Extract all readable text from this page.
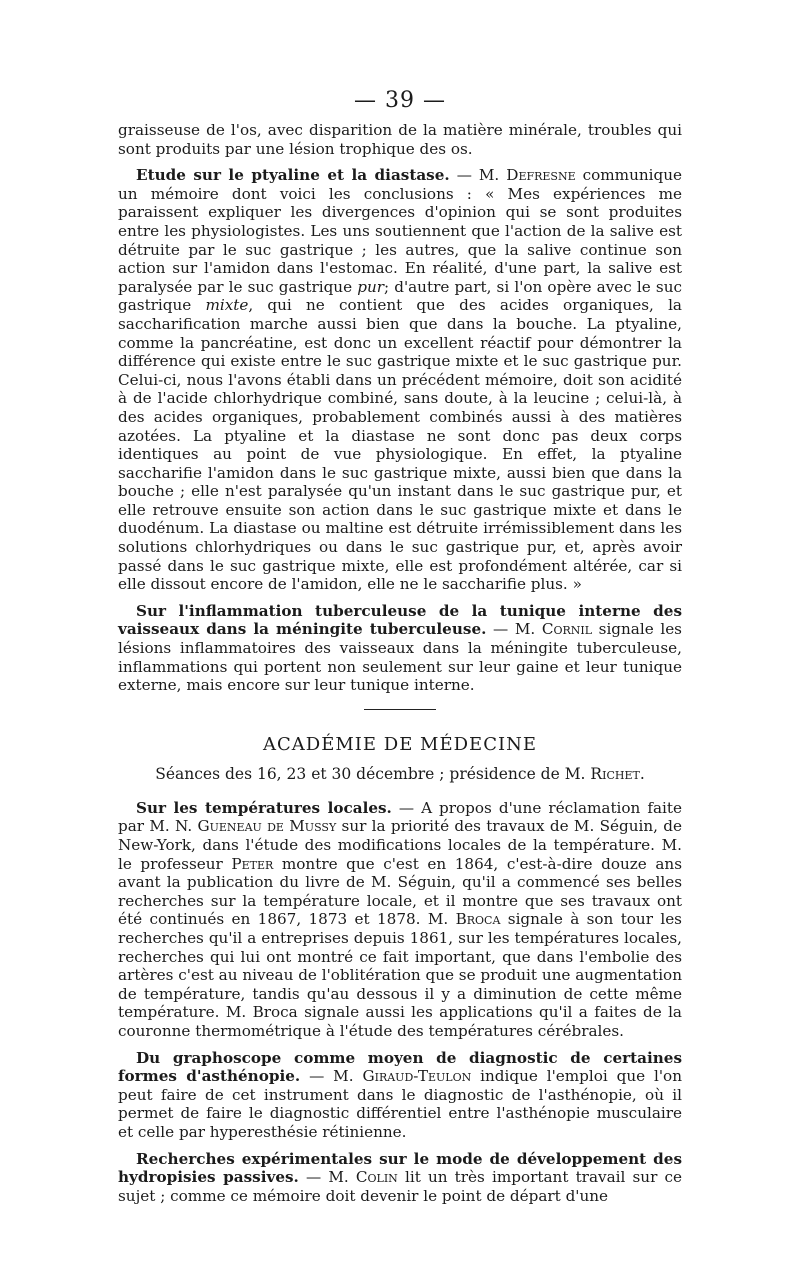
— 39 —

graisseuse de l'os, avec disparition de la matière minérale, troubles qui sont produits par une lésion trophique des os.

Etude sur le ptyaline et la diastase. — M. Defresne communique un mémoire dont voici les conclusions : « Mes expériences me paraissent expliquer les divergences d'opinion qui se sont produites entre les physiologistes. Les uns soutiennent que l'action de la salive est détruite par le suc gastrique ; les autres, que la salive continue son action sur l'amidon dans l'estomac. En réalité, d'une part, la salive est paralysée par le suc gastrique pur; d'autre part, si l'on opère avec le suc gastrique mixte, qui ne contient que des acides organiques, la saccharification marche aussi bien que dans la bouche. La ptyaline, comme la pancréatine, est donc un excellent réactif pour démontrer la différence qui existe entre le suc gastrique mixte et le suc gastrique pur. Celui-ci, nous l'avons établi dans un précédent mémoire, doit son acidité à de l'acide chlorhydrique combiné, sans doute, à la leucine ; celui-là, à des acides organiques, probablement combinés aussi à des matières azotées. La ptyaline et la diastase ne sont donc pas deux corps identiques au point de vue physiologique. En effet, la ptyaline saccharifie l'amidon dans le suc gastrique mixte, aussi bien que dans la bouche ; elle n'est paralysée qu'un instant dans le suc gastrique pur, et elle retrouve ensuite son action dans le suc gastrique mixte et dans le duodénum. La diastase ou maltine est détruite irrémissiblement dans les solutions chlorhydriques ou dans le suc gastrique pur, et, après avoir passé dans le suc gastrique mixte, elle est profondément altérée, car si elle dissout encore de l'amidon, elle ne le saccharifie plus. »

Sur l'inflammation tuberculeuse de la tunique interne des vaisseaux dans la méningite tuberculeuse. — M. Cornil signale les lésions inflammatoires des vaisseaux dans la méningite tuberculeuse, inflammations qui portent non seulement sur leur gaine et leur tunique externe, mais encore sur leur tunique interne.

ACADÉMIE DE MÉDECINE
Séances des 16, 23 et 30 décembre ; présidence de M. Richet.

Sur les températures locales. — A propos d'une réclamation faite par M. N. Gueneau de Mussy sur la priorité des travaux de M. Séguin, de New-York, dans l'étude des modifications locales de la température. M. le professeur Peter montre que c'est en 1864, c'est-à-dire douze ans avant la publication du livre de M. Séguin, qu'il a commencé ses belles recherches sur la température locale, et il montre que ses travaux ont été continués en 1867, 1873 et 1878. M. Broca signale à son tour les recherches qu'il a entreprises depuis 1861, sur les températures locales, recherches qui lui ont montré ce fait important, que dans l'embolie des artères c'est au niveau de l'oblitération que se produit une augmentation de température, tandis qu'au dessous il y a diminution de cette même température. M. Broca signale aussi les applications qu'il a faites de la couronne thermométrique à l'étude des températures cérébrales.

Du graphoscope comme moyen de diagnostic de certaines formes d'asthénopie. — M. Giraud-Teulon indique l'emploi que l'on peut faire de cet instrument dans le diagnostic de l'asthénopie, où il permet de faire le diagnostic différentiel entre l'asthénopie musculaire et celle par hyperesthésie rétinienne.

Recherches expérimentales sur le mode de développement des hydropisies passives. — M. Colin lit un très important travail sur ce sujet ; comme ce mémoire doit devenir le point de départ d'une
